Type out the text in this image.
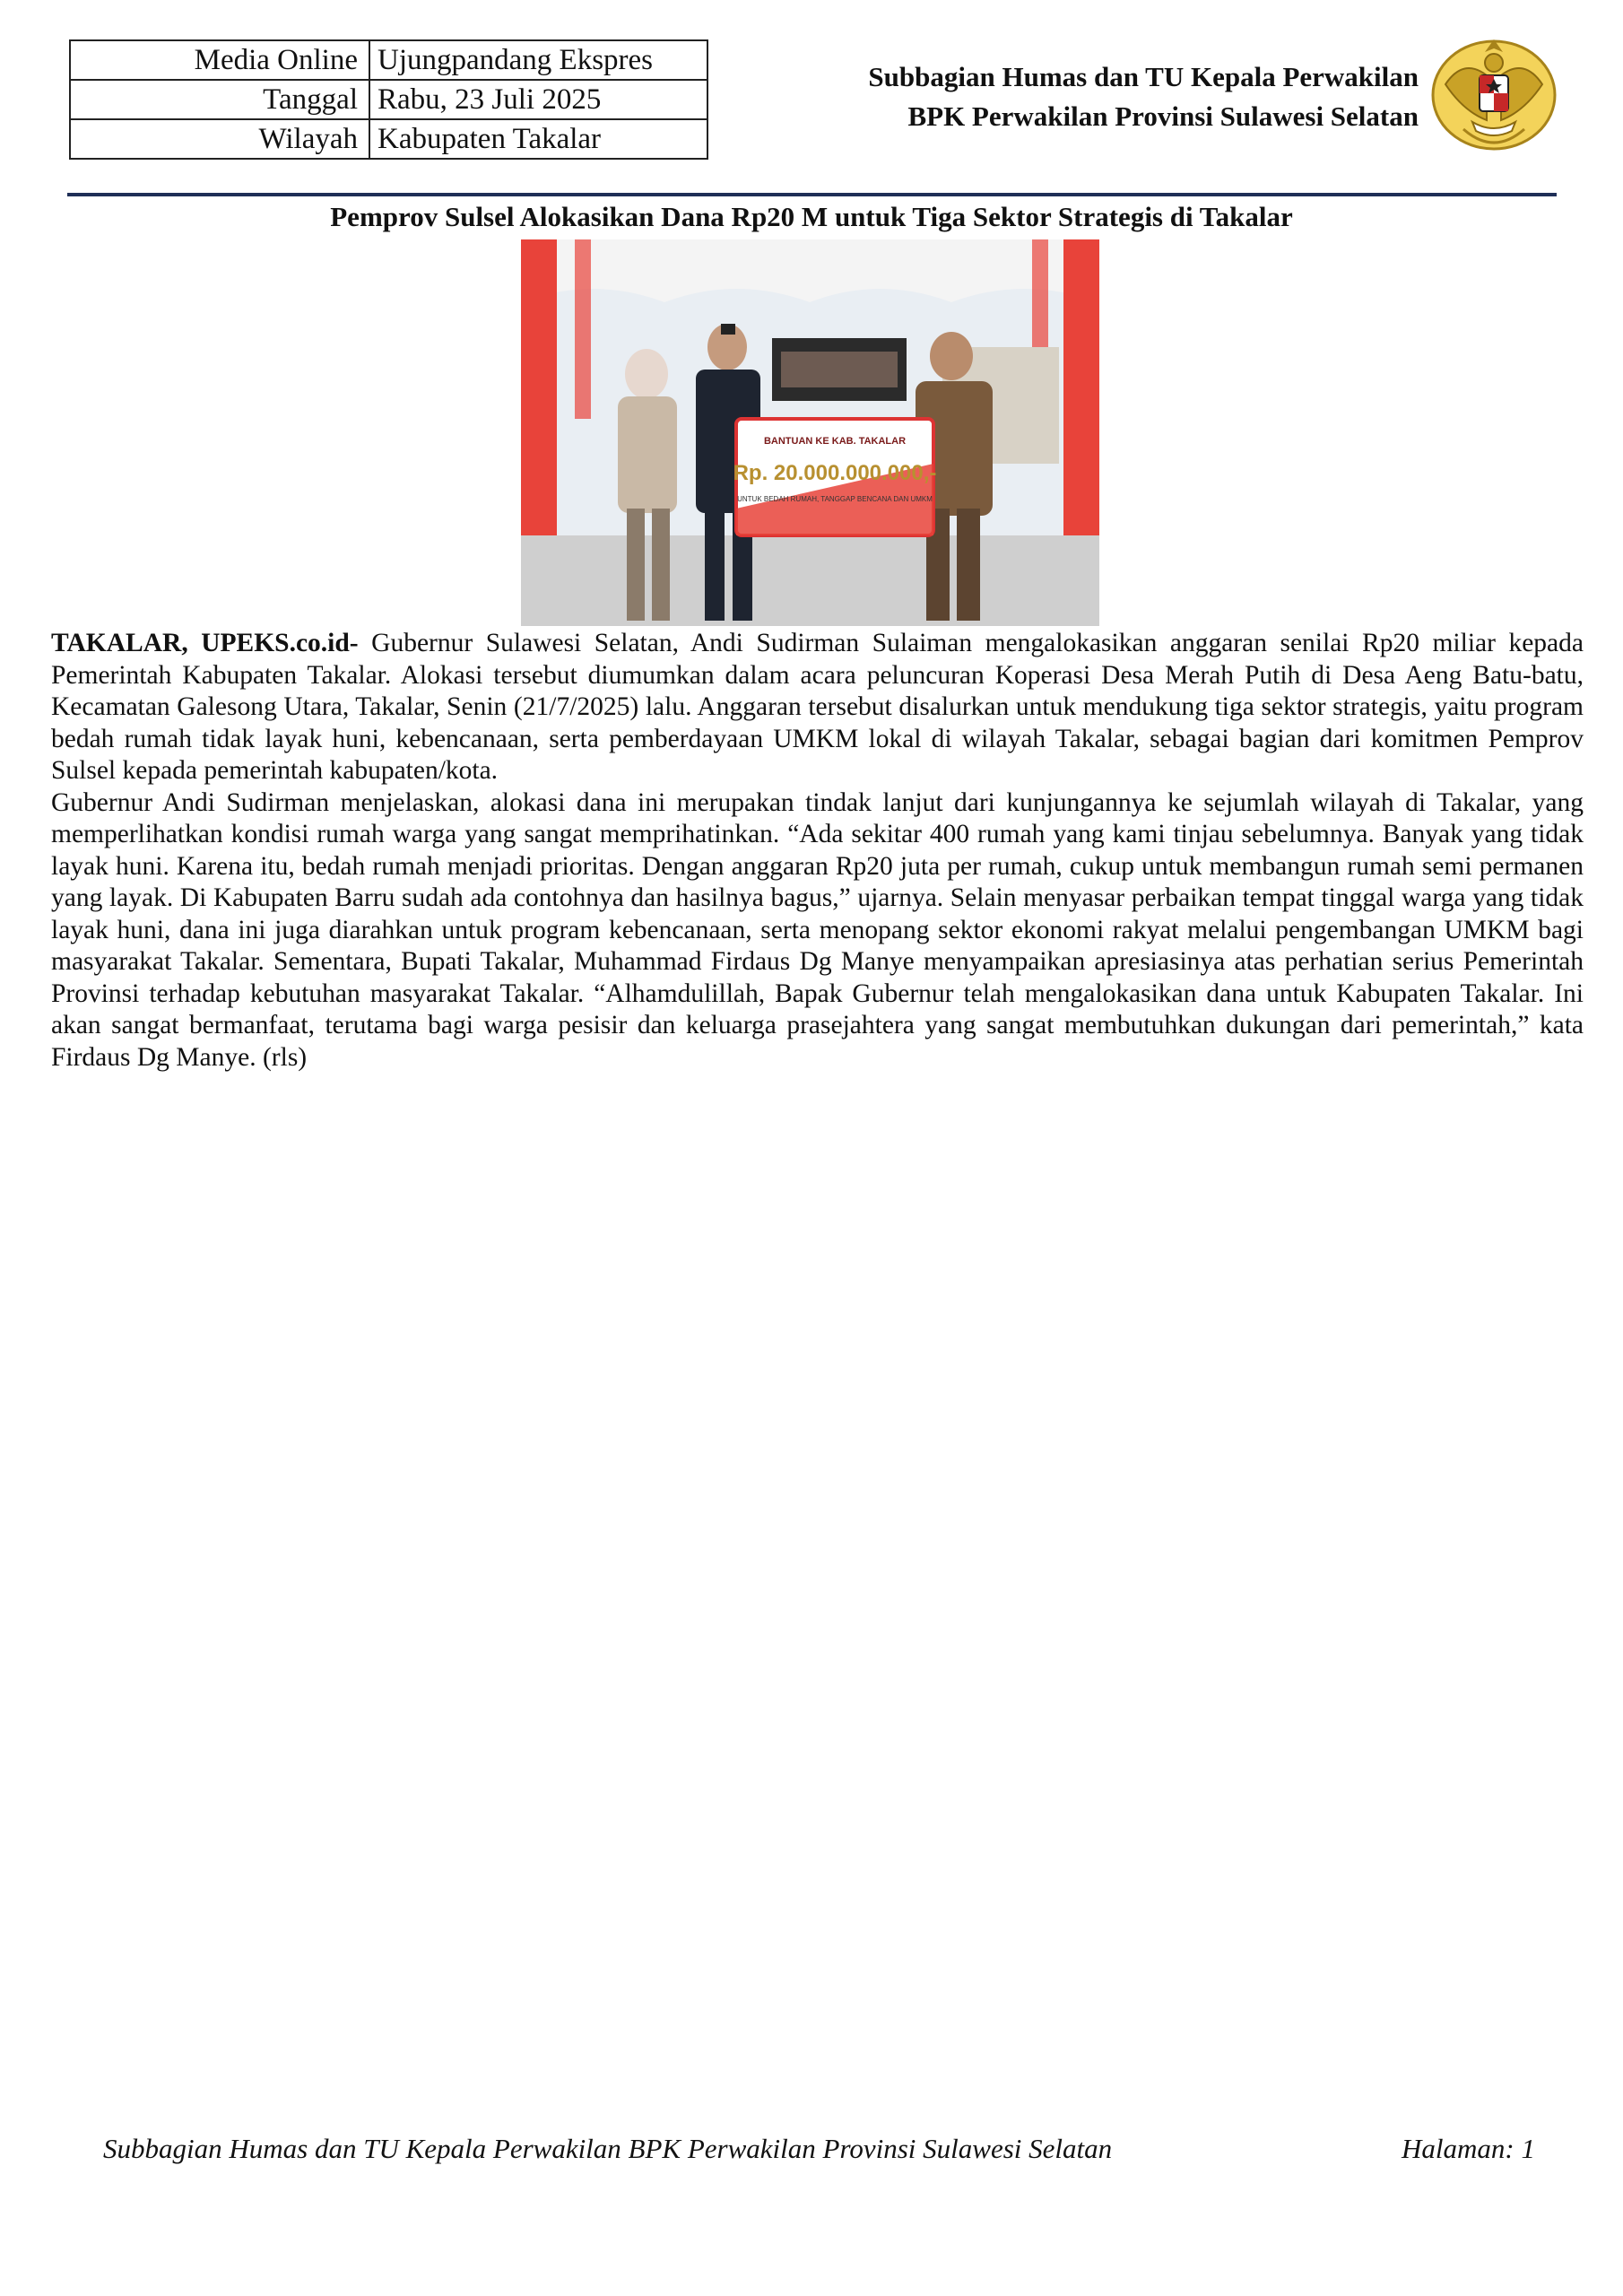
Media Online	Ujungpandang Ekspres
Tanggal	Rabu, 23 Juli 2025
Wilayah	Kabupaten Takalar
Subbagian Humas dan TU Kepala Perwakilan
BPK Perwakilan Provinsi Sulawesi Selatan
Pemprov Sulsel Alokasikan Dana Rp20 M untuk Tiga Sektor Strategis di Takalar
BANTUAN KE KAB. TAKALAR
Rp. 20.000.000.000,-
UNTUK BEDAH RUMAH, TANGGAP BENCANA DAN UMKM

TAKALAR, UPEKS.co.id- Gubernur Sulawesi Selatan, Andi Sudirman Sulaiman mengalokasikan anggaran senilai Rp20 miliar kepada Pemerintah Kabupaten Takalar. Alokasi tersebut diumumkan dalam acara peluncuran Koperasi Desa Merah Putih di Desa Aeng Batu-batu, Kecamatan Galesong Utara, Takalar, Senin (21/7/2025) lalu. Anggaran tersebut disalurkan untuk mendukung tiga sektor strategis, yaitu program bedah rumah tidak layak huni, kebencanaan, serta pemberdayaan UMKM lokal di wilayah Takalar, sebagai bagian dari komitmen Pemprov Sulsel kepada pemerintah kabupaten/kota.

Gubernur Andi Sudirman menjelaskan, alokasi dana ini merupakan tindak lanjut dari kunjungannya ke sejumlah wilayah di Takalar, yang memperlihatkan kondisi rumah warga yang sangat memprihatinkan. “Ada sekitar 400 rumah yang kami tinjau sebelumnya. Banyak yang tidak layak huni. Karena itu, bedah rumah menjadi prioritas. Dengan anggaran Rp20 juta per rumah, cukup untuk membangun rumah semi permanen yang layak. Di Kabupaten Barru sudah ada contohnya dan hasilnya bagus,” ujarnya. Selain menyasar perbaikan tempat tinggal warga yang tidak layak huni, dana ini juga diarahkan untuk program kebencanaan, serta menopang sektor ekonomi rakyat melalui pengembangan UMKM bagi masyarakat Takalar. Sementara, Bupati Takalar, Muhammad Firdaus Dg Manye menyampaikan apresiasinya atas perhatian serius Pemerintah Provinsi terhadap kebutuhan masyarakat Takalar. “Alhamdulillah, Bapak Gubernur telah mengalokasikan dana untuk Kabupaten Takalar. Ini akan sangat bermanfaat, terutama bagi warga pesisir dan keluarga prasejahtera yang sangat membutuhkan dukungan dari pemerintah,” kata Firdaus Dg Manye. (rls)

Subbagian Humas dan TU Kepala Perwakilan BPK Perwakilan Provinsi Sulawesi Selatan	Halaman: 1
